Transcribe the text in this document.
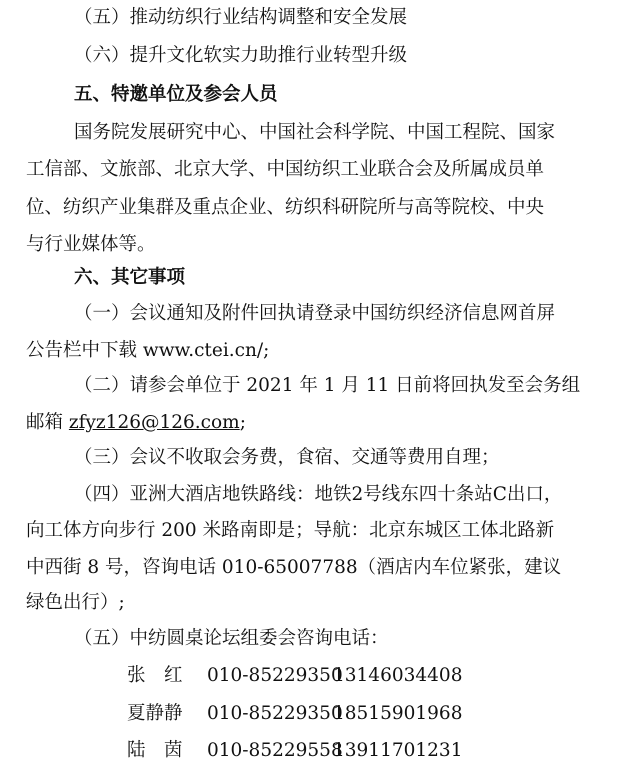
（五）推动纺织行业结构调整和安全发展
（六）提升文化软实力助推行业转型升级
五、特邀单位及参会人员
国务院发展研究中心、中国社会科学院、中国工程院、国家
工信部、文旅部、北京大学、中国纺织工业联合会及所属成员单
位、纺织产业集群及重点企业、纺织科研院所与高等院校、中央
与行业媒体等。
六、其它事项
（一）会议通知及附件回执请登录中国纺织经济信息网首屏
公告栏中下载 www.ctei.cn/;
（二）请参会单位于 2021 年 1 月 11 日前将回执发至会务组
邮箱 zfyz126@126.com;
（三）会议不收取会务费，食宿、交通等费用自理；
（四）亚洲大酒店地铁路线：地铁2号线东四十条站C出口，
向工体方向步行 200 米路南即是；导航：北京东城区工体北路新
中西街 8 号，咨询电话 010-65007788（酒店内车位紧张，建议
绿色出行）;
（五）中纺圆桌论坛组委会咨询电话：
张　红 010-8522935013146034408
夏静静 010-8522935018515901968
陆　茵 010-8522955813911701231
